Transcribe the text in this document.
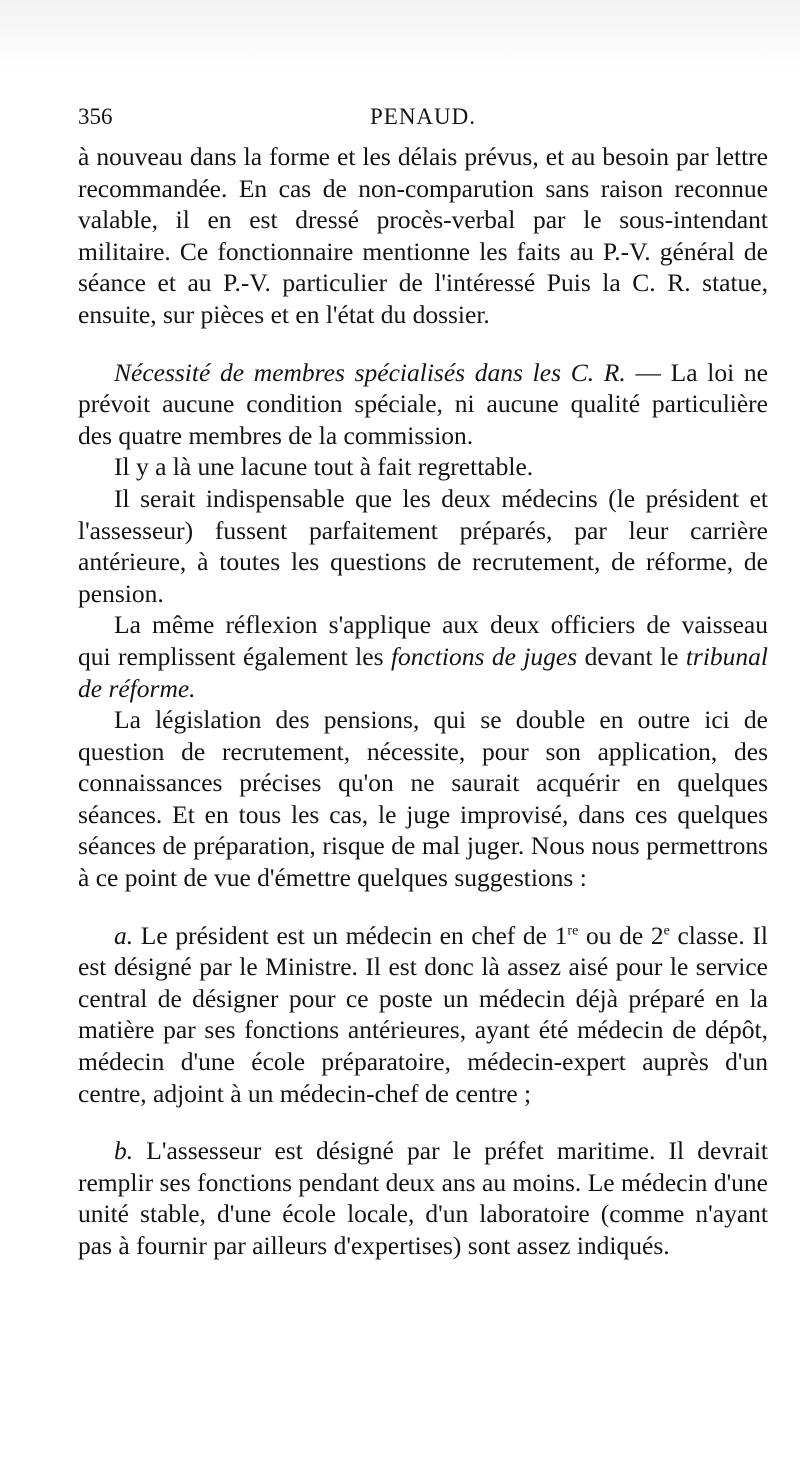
356	PENAUD.

à nouveau dans la forme et les délais prévus, et au besoin par lettre recommandée. En cas de non-comparution sans raison reconnue valable, il en est dressé procès-verbal par le sous-intendant militaire. Ce fonctionnaire mentionne les faits au P.-V. général de séance et au P.-V. particulier de l'intéressé Puis la C. R. statue, ensuite, sur pièces et en l'état du dossier.

Nécessité de membres spécialisés dans les C. R. — La loi ne prévoit aucune condition spéciale, ni aucune qualité particulière des quatre membres de la commission.

Il y a là une lacune tout à fait regrettable.

Il serait indispensable que les deux médecins (le président et l'assesseur) fussent parfaitement préparés, par leur carrière antérieure, à toutes les questions de recrutement, de réforme, de pension.

La même réflexion s'applique aux deux officiers de vaisseau qui remplissent également les fonctions de juges devant le tribunal de réforme.

La législation des pensions, qui se double en outre ici de question de recrutement, nécessite, pour son application, des connaissances précises qu'on ne saurait acquérir en quelques séances. Et en tous les cas, le juge improvisé, dans ces quelques séances de préparation, risque de mal juger. Nous nous permettrons à ce point de vue d'émettre quelques suggestions :

a. Le président est un médecin en chef de 1re ou de 2e classe. Il est désigné par le Ministre. Il est donc là assez aisé pour le service central de désigner pour ce poste un médecin déjà préparé en la matière par ses fonctions antérieures, ayant été médecin de dépôt, médecin d'une école préparatoire, médecin-expert auprès d'un centre, adjoint à un médecin-chef de centre ;

b. L'assesseur est désigné par le préfet maritime. Il devrait remplir ses fonctions pendant deux ans au moins. Le médecin d'une unité stable, d'une école locale, d'un laboratoire (comme n'ayant pas à fournir par ailleurs d'expertises) sont assez indiqués.
